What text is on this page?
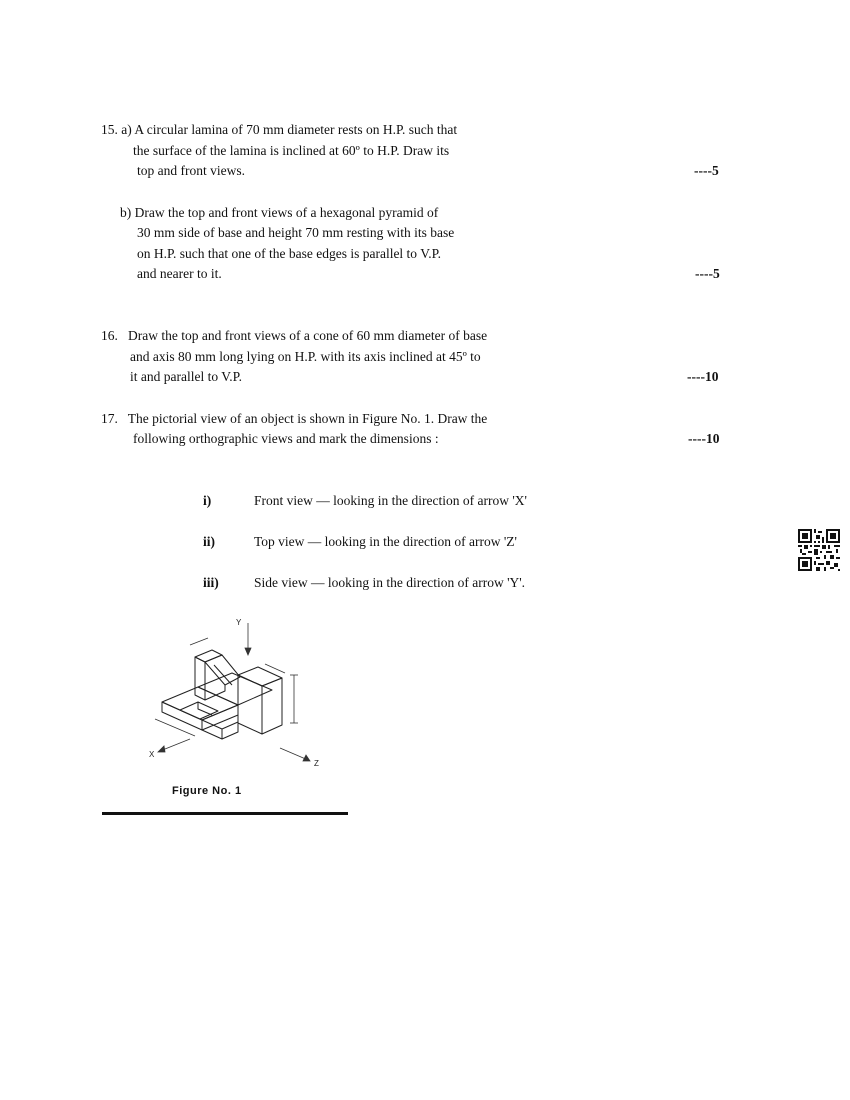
15. a) A circular lamina of 70 mm diameter rests on H.P. such that
the surface of the lamina is inclined at 60º to H.P. Draw its
top and front views.	----5
b) Draw the top and front views of a hexagonal pyramid of
30 mm side of base and height 70 mm resting with its base
on H.P. such that one of the base edges is parallel to V.P.
and nearer to it.	----5
16.   Draw the top and front views of a cone of 60 mm diameter of base
and axis 80 mm long lying on H.P. with its axis inclined at 45º to
it and parallel to V.P.	----10
17.   The pictorial view of an object is shown in Figure No. 1. Draw the
following orthographic views and mark the dimensions :	----10
i)	Front view — looking in the direction of arrow 'X'
ii)	Top view — looking in the direction of arrow 'Z'
iii)	Side view — looking in the direction of arrow 'Y'.
Y
X
Z
Figure No. 1
